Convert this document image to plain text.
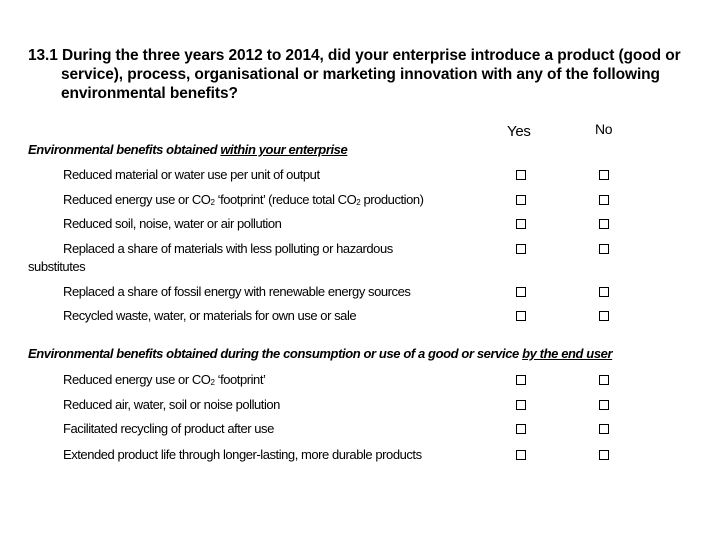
13.1 During the three years 2012 to 2014, did your enterprise introduce a product (good or
service), process, organisational or marketing innovation with any of the following
environmental benefits?
Yes	No
Environmental benefits obtained within your enterprise
Reduced material or water use per unit of output
Reduced energy use or $CO_2$ ‘footprint’ (reduce total $CO_2$ production)
Reduced soil, noise, water or air pollution
Replaced a share of materials with less polluting or hazardous
substitutes
Replaced a share of fossil energy with renewable energy sources
Recycled waste, water, or materials for own use or sale
Environmental benefits obtained during the consumption or use of a good or service by the end user
Reduced energy use or $CO_2$ ‘footprint’
Reduced air, water, soil or noise pollution
Facilitated recycling of product after use
Extended product life through longer-lasting, more durable products
